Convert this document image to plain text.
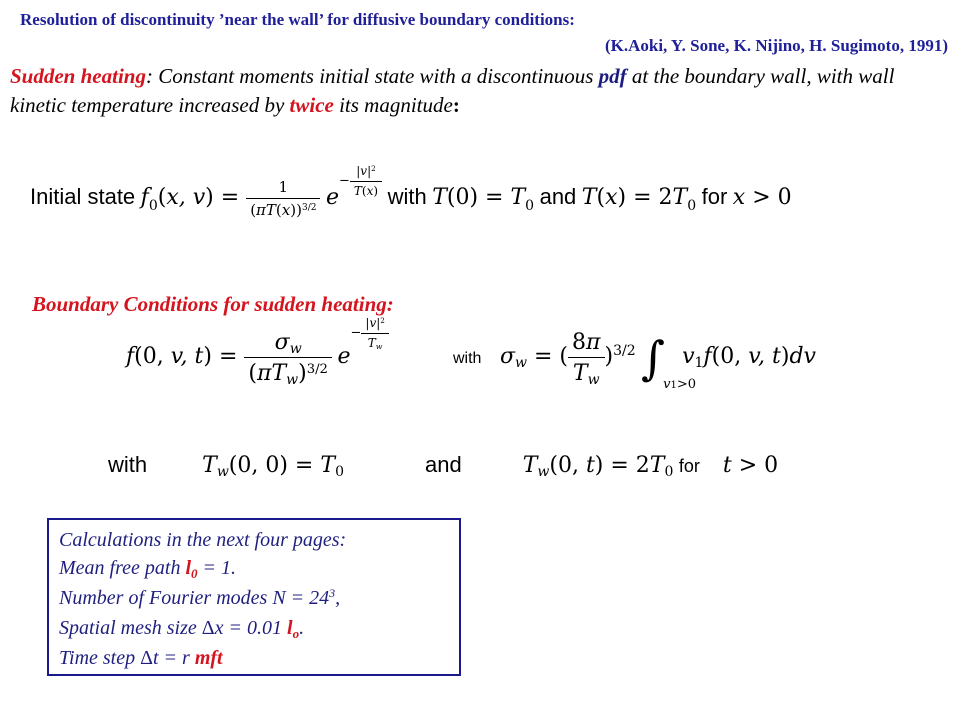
Resolution of discontinuity ’near the wall’ for diffusive boundary conditions:
(K.Aoki, Y. Sone, K. Nijino, H. Sugimoto, 1991)
Sudden heating: Constant moments initial state with a discontinuous pdf at the boundary wall, with wall kinetic temperature increased by twice its magnitude:
Initial state $f_0(x$, $v) = \frac{1}{(\pi T(x))^{3/2}} e- \frac{|v|^2}{T(x)}$ with $T(0) = T_0$ and $T(x) = 2T_0$ for x > 0
Boundary Conditions for sudden heating:
f(0, v, $t) = \frac{\sigma w}{(\pi Tw)^{3/2}} e- \frac{|v|^2}{Tw}$
with σw = ( $\frac{8\pi}{Tw} )^{3/2}$ ∫
v1>0
v1f(0, v, t)dv
with	Tw(0, 0) = T0	and	Tw(0, t) = 2T0 for t > 0
Calculations in the next four pages:
Mean free path l0 = 1.
Number of Fourier modes $N = 24^3$,
Spatial mesh size Δx = 0.01 lo.
Time step Δt = r mft
